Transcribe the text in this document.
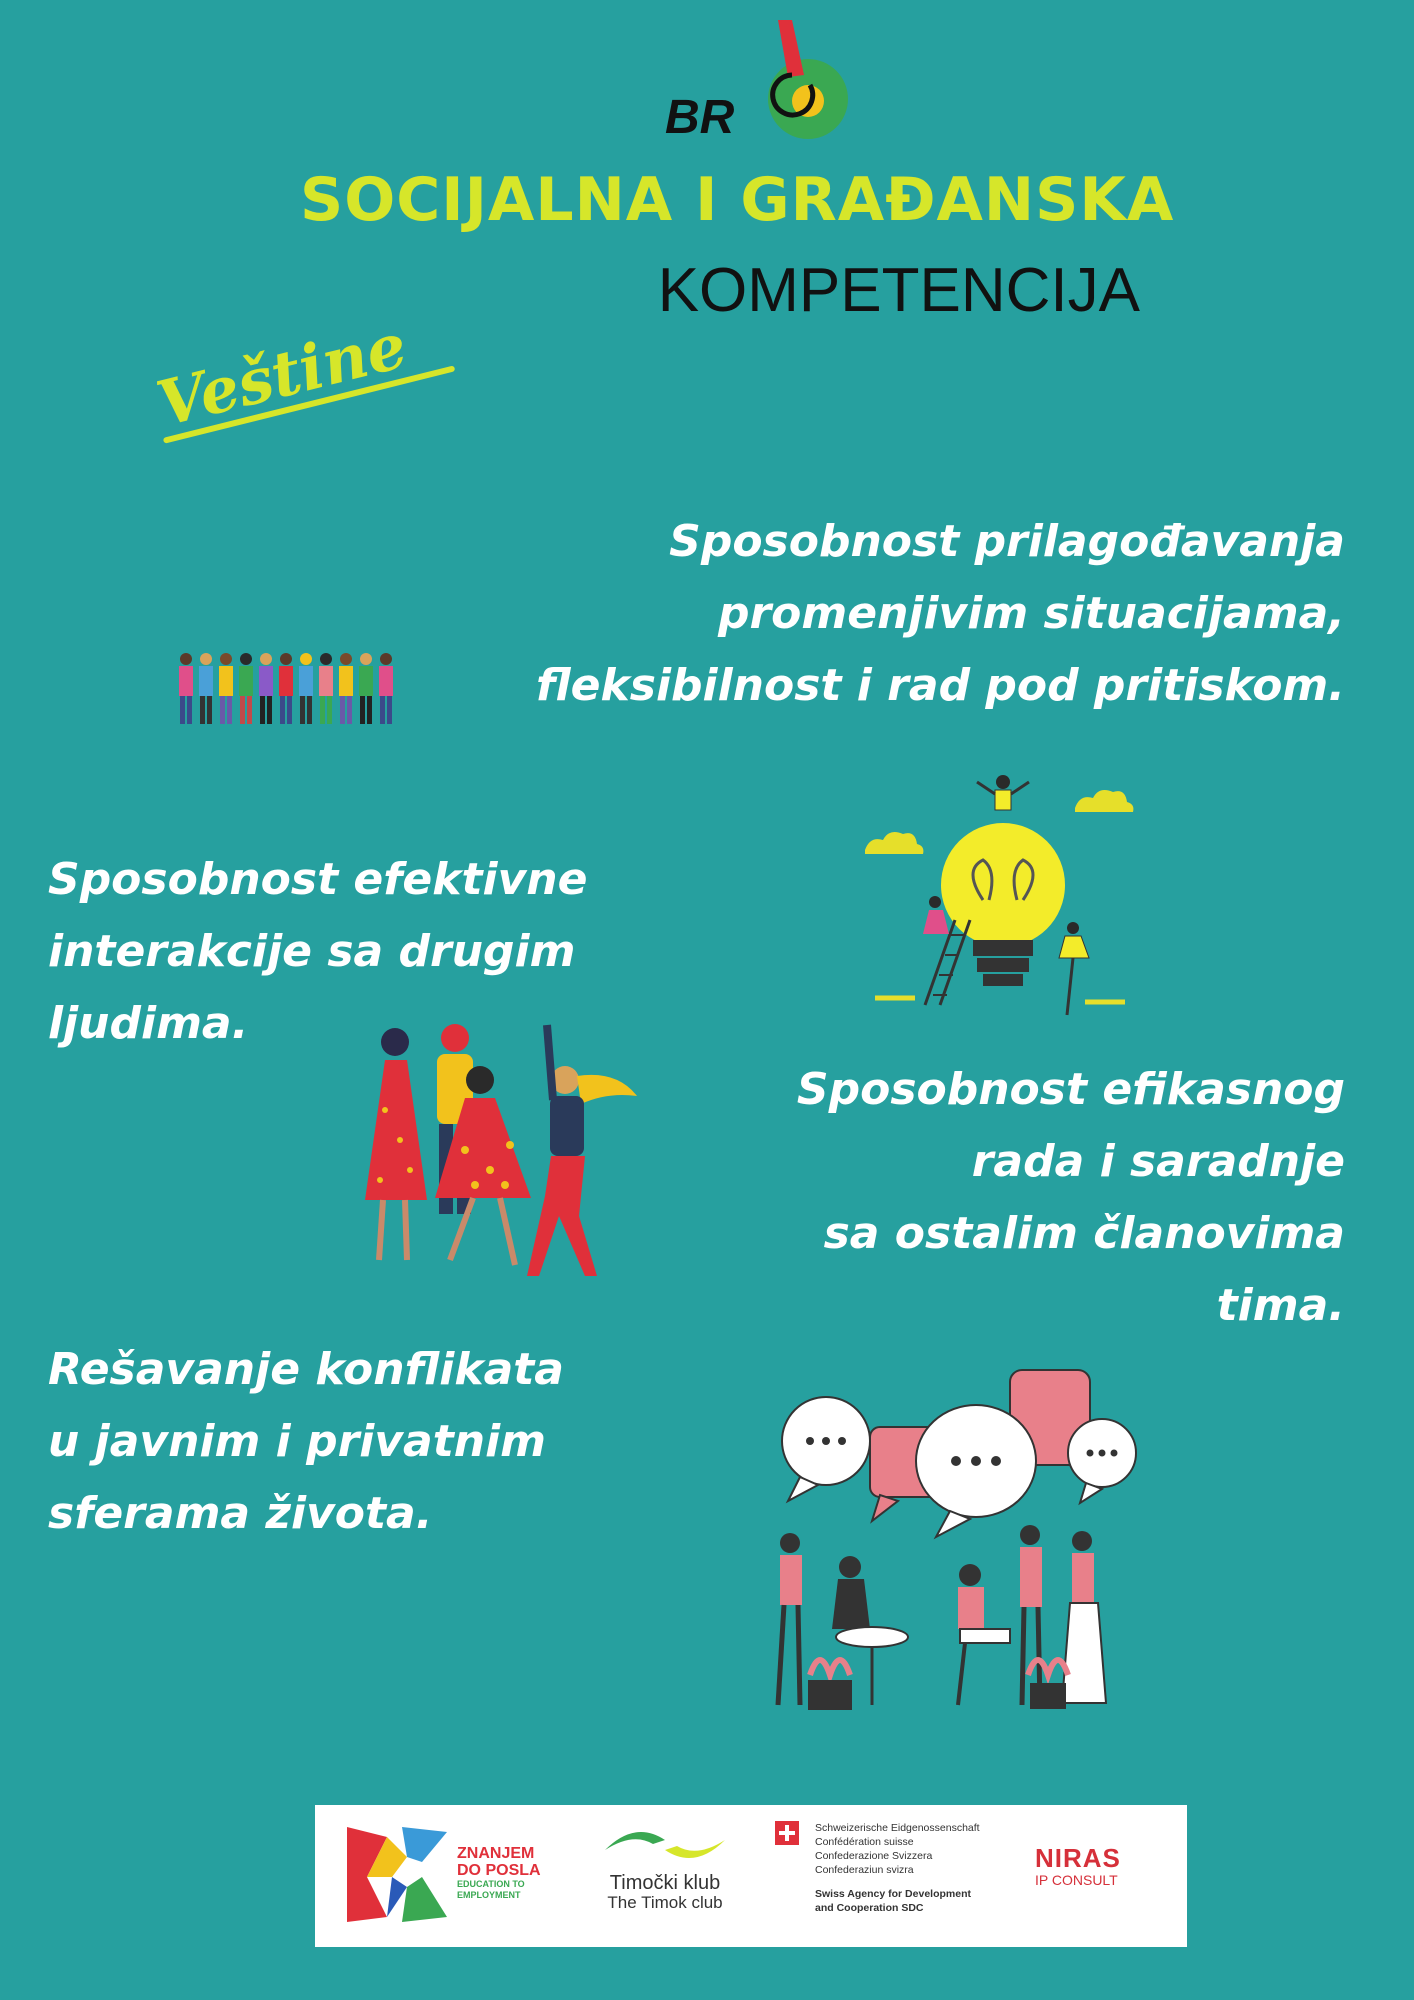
BR
SOCIJALNA I GRAĐANSKA
KOMPETENCIJA
Veštine
Sposobnost prilagođavanja
promenjivim situacijama,
fleksibilnost i rad pod pritiskom.
Sposobnost efektivne
interakcije sa drugim
ljudima.
Sposobnost efikasnog
rada i saradnje
sa ostalim članovima
tima.
Rešavanje konflikata
u javnim i privatnim
sferama života.
ZNANJEM
DO POSLA
EDUCATION TO
EMPLOYMENT
Timočki klub
The Timok club
Schweizerische Eidgenossenschaft
Confédération suisse
Confederazione Svizzera
Confederaziun svizra
Swiss Agency for Development
and Cooperation SDC
NIRAS
IP CONSULT
